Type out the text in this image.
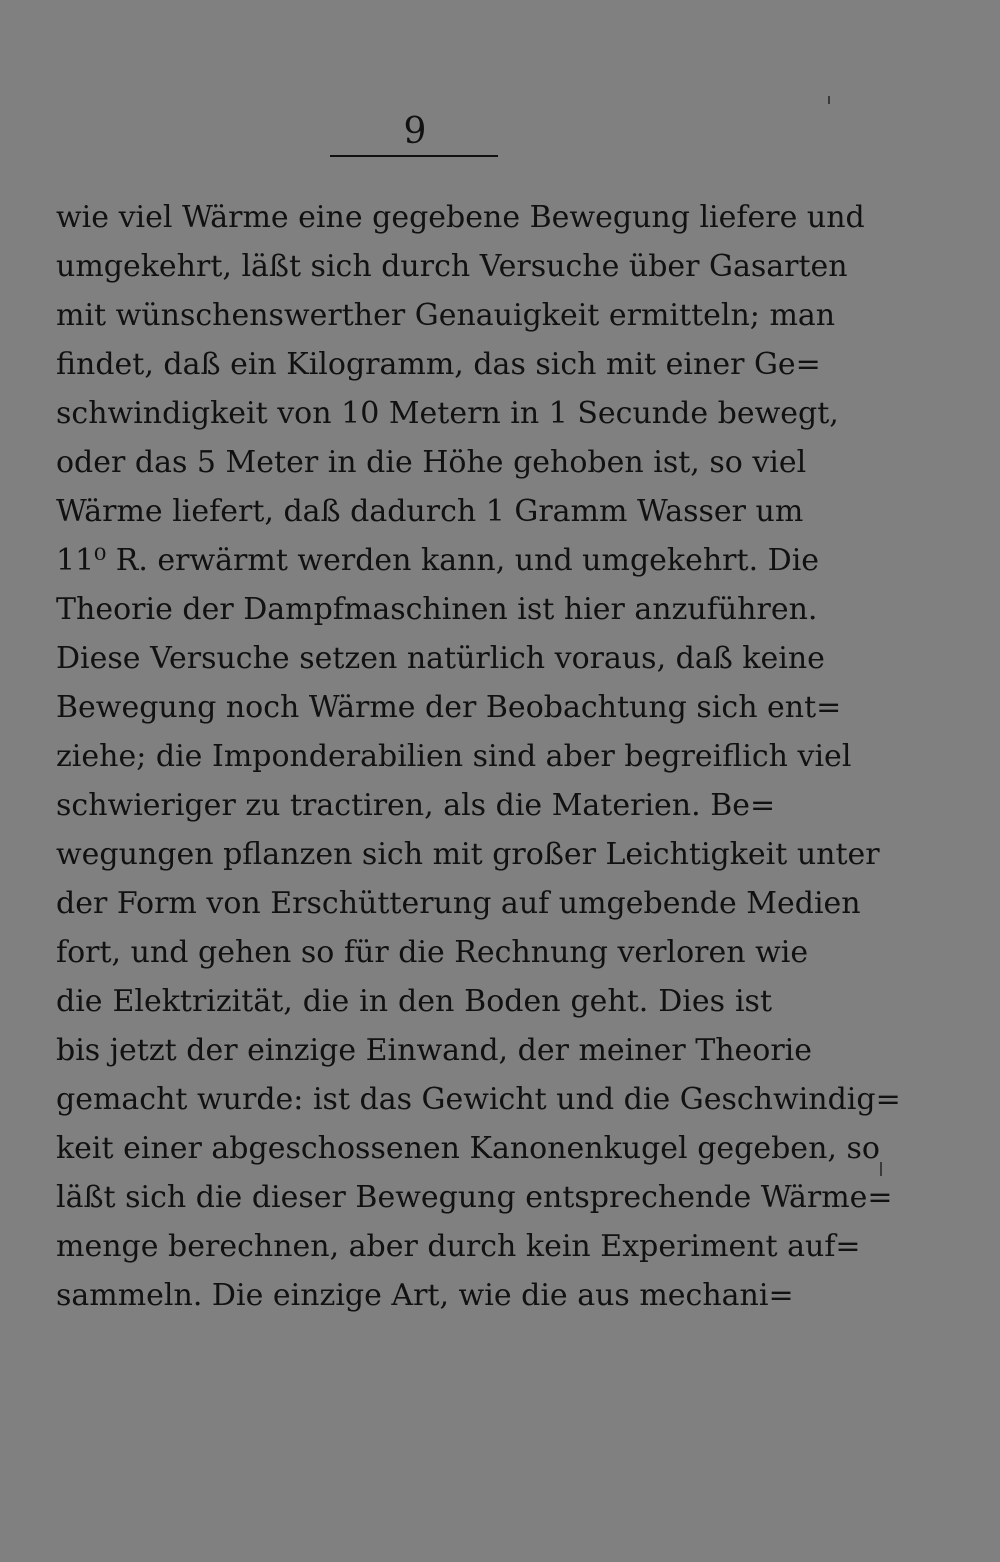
9
wie viel Wärme eine gegebene Bewegung liefere und
umgekehrt, läßt sich durch Versuche über Gasarten
mit wünschenswerther Genauigkeit ermitteln; man
findet, daß ein Kilogramm, das sich mit einer Ge=
schwindigkeit von 10 Metern in 1 Secunde bewegt,
oder das 5 Meter in die Höhe gehoben ist, so viel
Wärme liefert, daß dadurch 1 Gramm Wasser um
11⁰ R. erwärmt werden kann, und umgekehrt. Die
Theorie der Dampfmaschinen ist hier anzuführen.
Diese Versuche setzen natürlich voraus, daß keine
Bewegung noch Wärme der Beobachtung sich ent=
ziehe; die Imponderabilien sind aber begreiflich viel
schwieriger zu tractiren, als die Materien. Be=
wegungen pflanzen sich mit großer Leichtigkeit unter
der Form von Erschütterung auf umgebende Medien
fort, und gehen so für die Rechnung verloren wie
die Elektrizität, die in den Boden geht. Dies ist
bis jetzt der einzige Einwand, der meiner Theorie
gemacht wurde: ist das Gewicht und die Geschwindig=
keit einer abgeschossenen Kanonenkugel gegeben, so
läßt sich die dieser Bewegung entsprechende Wärme=
menge berechnen, aber durch kein Experiment auf=
sammeln. Die einzige Art, wie die aus mechani=
